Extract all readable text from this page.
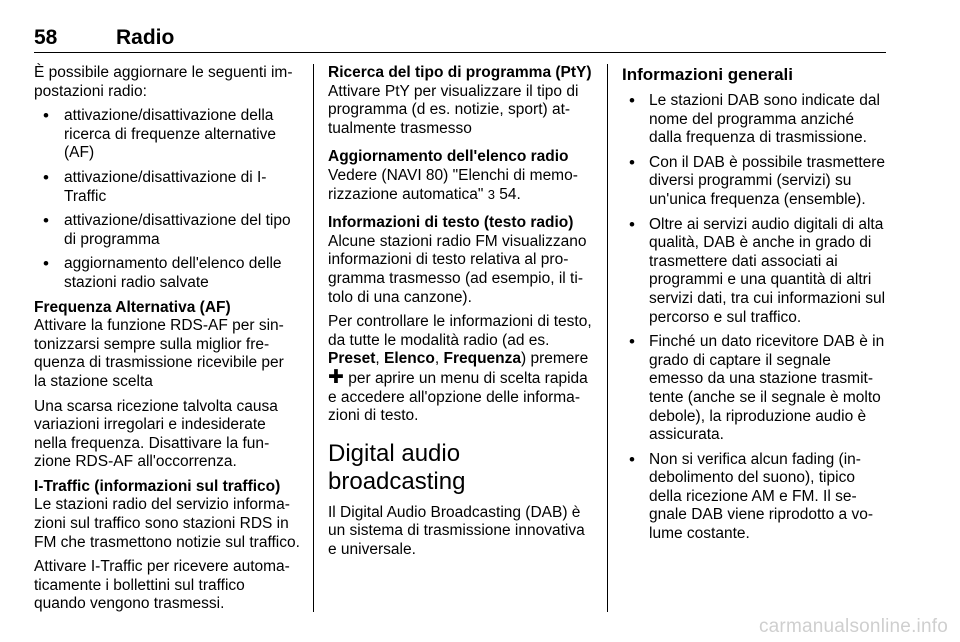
58	Radio

È possibile aggiornare le seguenti impostazioni radio:

• attivazione/disattivazione della ricerca di frequenze alternative (AF)
• attivazione/disattivazione di I-Traffic
• attivazione/disattivazione del tipo di programma
• aggiornamento dell'elenco delle stazioni radio salvate

Frequenza Alternativa (AF)

Attivare la funzione RDS-AF per sintonizzarsi sempre sulla miglior frequenza di trasmissione ricevibile per la stazione scelta

Una scarsa ricezione talvolta causa variazioni irregolari e indesiderate nella frequenza. Disattivare la funzione RDS-AF all'occorrenza.

I-Traffic (informazioni sul traffico)

Le stazioni radio del servizio informazioni sul traffico sono stazioni RDS in FM che trasmettono notizie sul traffico.

Attivare I-Traffic per ricevere automaticamente i bollettini sul traffico quando vengono trasmessi.

Ricerca del tipo di programma (PtY)

Attivare PtY per visualizzare il tipo di programma (d es. notizie, sport) attualmente trasmesso

Aggiornamento dell'elenco radio

Vedere (NAVI 80) "Elenchi di memorizzazione automatica" 3 54.

Informazioni di testo (testo radio)

Alcune stazioni radio FM visualizzano informazioni di testo relativa al programma trasmesso (ad esempio, il titolo di una canzone).

Per controllare le informazioni di testo, da tutte le modalità radio (ad es.
Preset, Elenco, Frequenza) premere
✚ per aprire un menu di scelta rapida e accedere all'opzione delle informazioni di testo.

Digital audio broadcasting

Il Digital Audio Broadcasting (DAB) è un sistema di trasmissione innovativa e universale.

Informazioni generali

• Le stazioni DAB sono indicate dal nome del programma anziché dalla frequenza di trasmissione.
• Con il DAB è possibile trasmettere diversi programmi (servizi) su un'unica frequenza (ensemble).
• Oltre ai servizi audio digitali di alta qualità, DAB è anche in grado di trasmettere dati associati ai programmi e una quantità di altri servizi dati, tra cui informazioni sul percorso e sul traffico.
• Finché un dato ricevitore DAB è in grado di captare il segnale emesso da una stazione trasmittente (anche se il segnale è molto debole), la riproduzione audio è assicurata.
• Non si verifica alcun fading (indebolimento del suono), tipico della ricezione AM e FM. Il segnale DAB viene riprodotto a volume costante.
carmanualsonline.info
